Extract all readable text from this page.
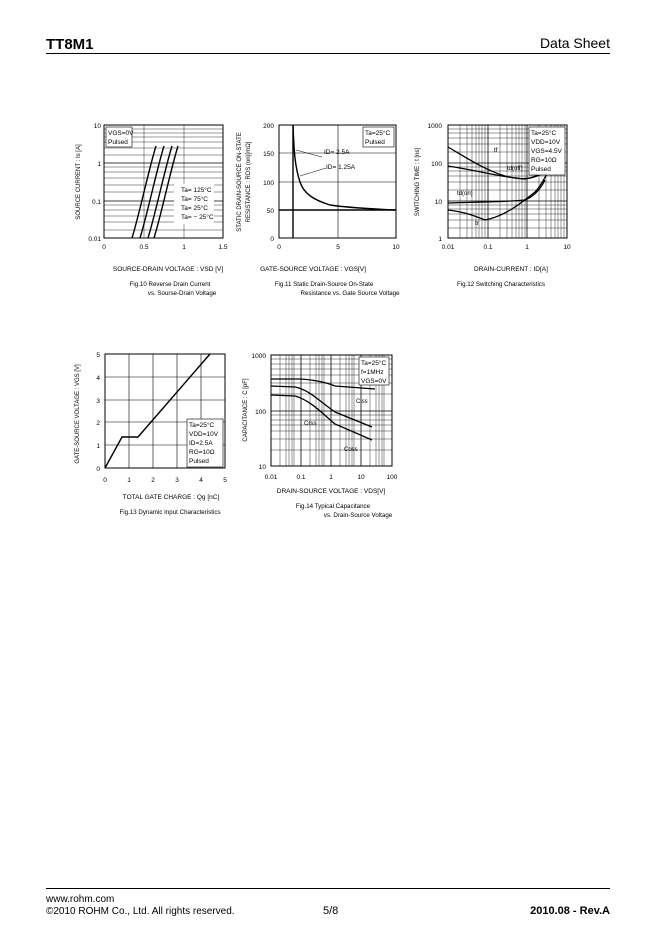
TT8M1	Data Sheet
VGS=0V
Pulsed
Ta= 125°C
Ta= 75°C
Ta= 25°C
Ta= − 25°C
10
1
0.1
0.01
0	0.5	1	1.5
SOURCE CURRENT : Is [A]
SOURCE-DRAIN VOLTAGE : VSD [V]
Fig.10 Reverse Drain Current
vs. Sourse-Drain Voltage
Ta=25°C
Pulsed
ID= 2.5A
ID= 1.25A
200
150
100
50
0
0	5	10
STATIC DRAIN-SOURCE ON-STATE RESISTANCE : RDS (on)[mΩ]
GATE-SOURCE VOLTAGE : VGS[V]
Fig.11 Static Drain-Source On-State
Resistance vs. Gate Source Voltage
Ta=25°C
VDD=10V
VGS=4.5V
RG=10Ω
Pulsed
tf
td(off)
td(on)
tr
1000
100
10
1
0.01	0.1	1	10
SWITCHING TIME : t [ns]
DRAIN-CURRENT : ID[A]
Fig.12 Switching Characteristics
Ta=25°C
VDD=10V
ID=2.5A
RG=10Ω
Pulsed
5
4
3
2
1
0
0	1	2	3	4	5
GATE-SOURCE VOLTAGE : VGS [V]
TOTAL GATE CHARGE : Qg [nC]
Fig.13 Dynamic Input Characteristics
Ta=25°C
f=1MHz
VGS=0V
Ciss
Crss
Coss
1000
100
10
0.01	0.1	1	10	100
CAPACITANCE : C [pF]
DRAIN-SOURCE VOLTAGE : VDS[V]
Fig.14 Typical Capacitance
vs. Drain-Source Voltage
www.rohm.com
©2010 ROHM Co., Ltd. All rights reserved.	5/8	2010.08 - Rev.A
